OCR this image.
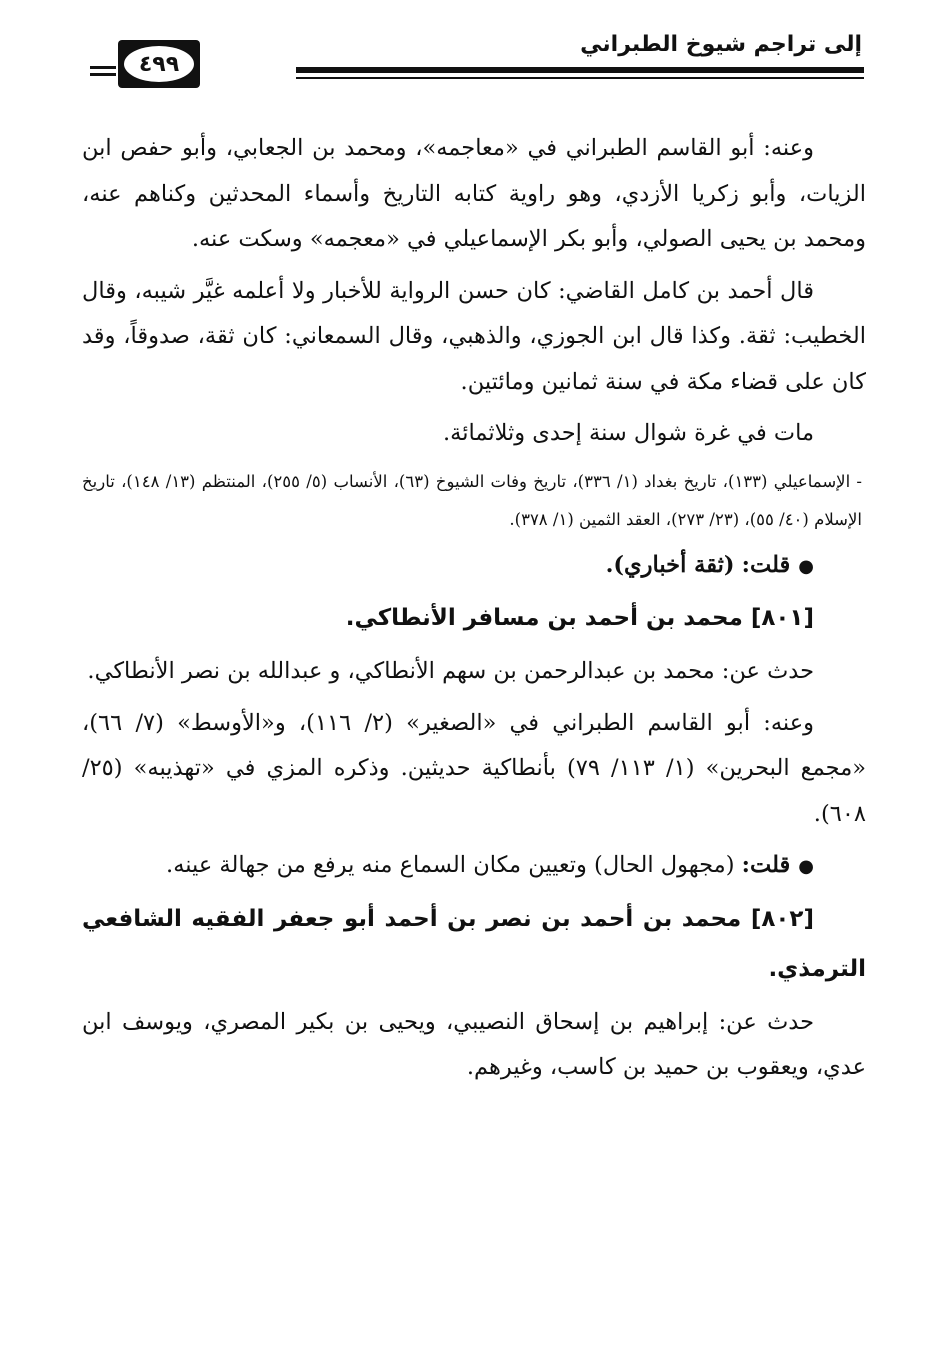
إلى تراجم شيوخ الطبراني
٤٩٩

وعنه: أبو القاسم الطبراني في «معاجمه»، ومحمد بن الجعابي، وأبو حفص ابن الزيات، وأبو زكريا الأزدي، وهو راوية كتابه التاريخ وأسماء المحدثين وكناهم عنه، ومحمد بن يحيى الصولي، وأبو بكر الإسماعيلي في «معجمه» وسكت عنه.

قال أحمد بن كامل القاضي: كان حسن الرواية للأخبار ولا أعلمه غيَّر شيبه، وقال الخطيب: ثقة. وكذا قال ابن الجوزي، والذهبي، وقال السمعاني: كان ثقة، صدوقاً، وقد كان على قضاء مكة في سنة ثمانين ومائتين.

مات في غرة شوال سنة إحدى وثلاثمائة.

- الإسماعيلي (١٣٣)، تاريخ بغداد (١/ ٣٣٦)، تاريخ وفات الشيوخ (٦٣)، الأنساب (٥/ ٢٥٥)، المنتظم (١٣/ ١٤٨)، تاريخ الإسلام (٤٠/ ٥٥)، (٢٣/ ٢٧٣)، العقد الثمين (١/ ٣٧٨).

●قلت: (ثقة أخباري).

[٨٠١] محمد بن أحمد بن مسافر الأنطاكي.

حدث عن: محمد بن عبدالرحمن بن سهم الأنطاكي، و عبدالله بن نصر الأنطاكي.

وعنه: أبو القاسم الطبراني في «الصغير» (٢/ ١١٦)، و«الأوسط» (٧/ ٦٦)، «مجمع البحرين» (١/ ١١٣/ ٧٩) بأنطاكية حديثين. وذكره المزي في «تهذيبه» (٢٥/ ٦٠٨).

●قلت: (مجهول الحال) وتعيين مكان السماع منه يرفع من جهالة عينه.

[٨٠٢] محمد بن أحمد بن نصر بن أحمد أبو جعفر الفقيه الشافعي الترمذي.

حدث عن: إبراهيم بن إسحاق النصيبي، ويحيى بن بكير المصري، ويوسف ابن عدي، ويعقوب بن حميد بن كاسب، وغيرهم.
